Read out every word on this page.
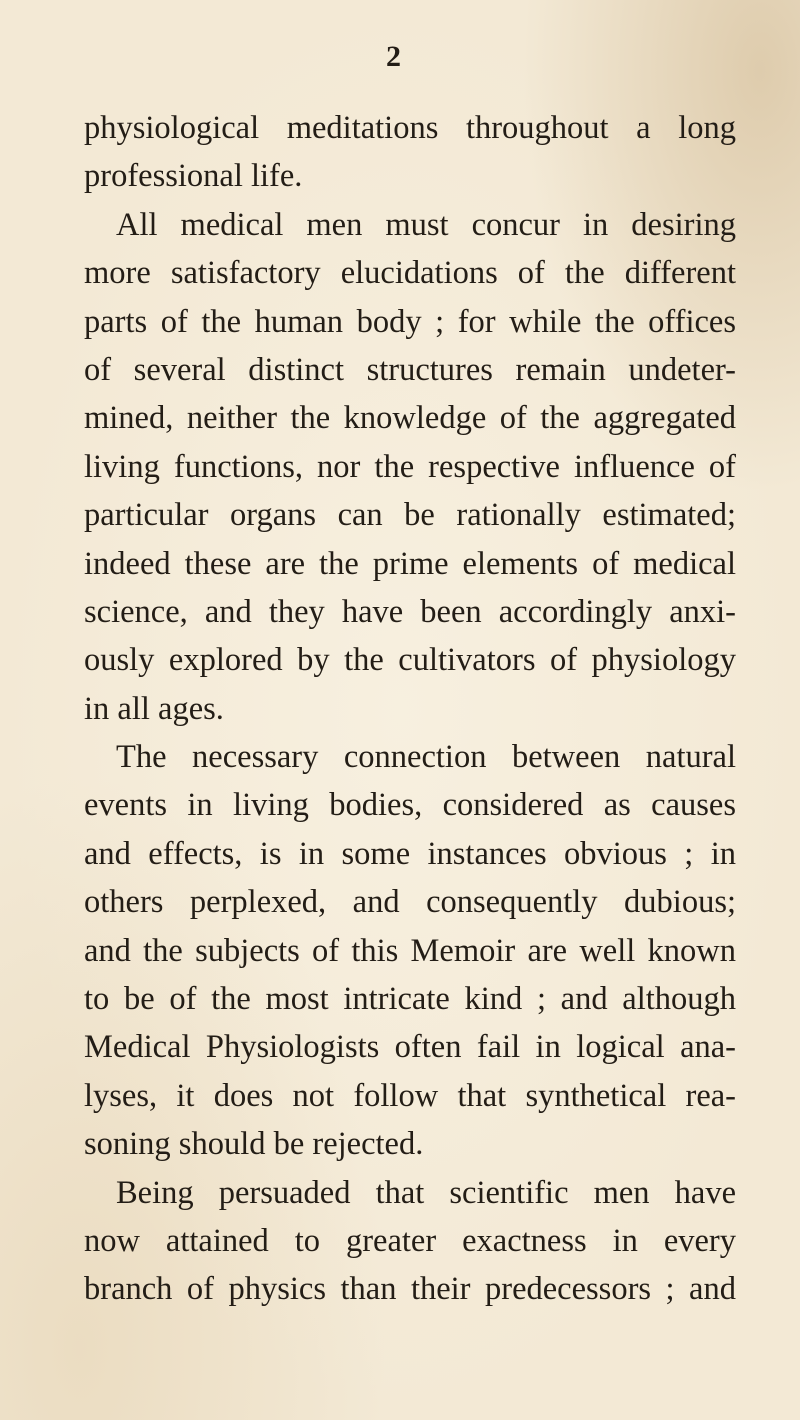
2
physiological meditations throughout a long
professional life.
All medical men must concur in desiring
more satisfactory elucidations of the different
parts of the human body ; for while the offices
of several distinct structures remain undeter-
mined, neither the knowledge of the aggregated
living functions, nor the respective influence of
particular organs can be rationally estimated;
indeed these are the prime elements of medical
science, and they have been accordingly anxi-
ously explored by the cultivators of physiology
in all ages.
The necessary connection between natural
events in living bodies, considered as causes
and effects, is in some instances obvious ; in
others perplexed, and consequently dubious;
and the subjects of this Memoir are well known
to be of the most intricate kind ; and although
Medical Physiologists often fail in logical ana-
lyses, it does not follow that synthetical rea-
soning should be rejected.
Being persuaded that scientific men have
now attained to greater exactness in every
branch of physics than their predecessors ; and
